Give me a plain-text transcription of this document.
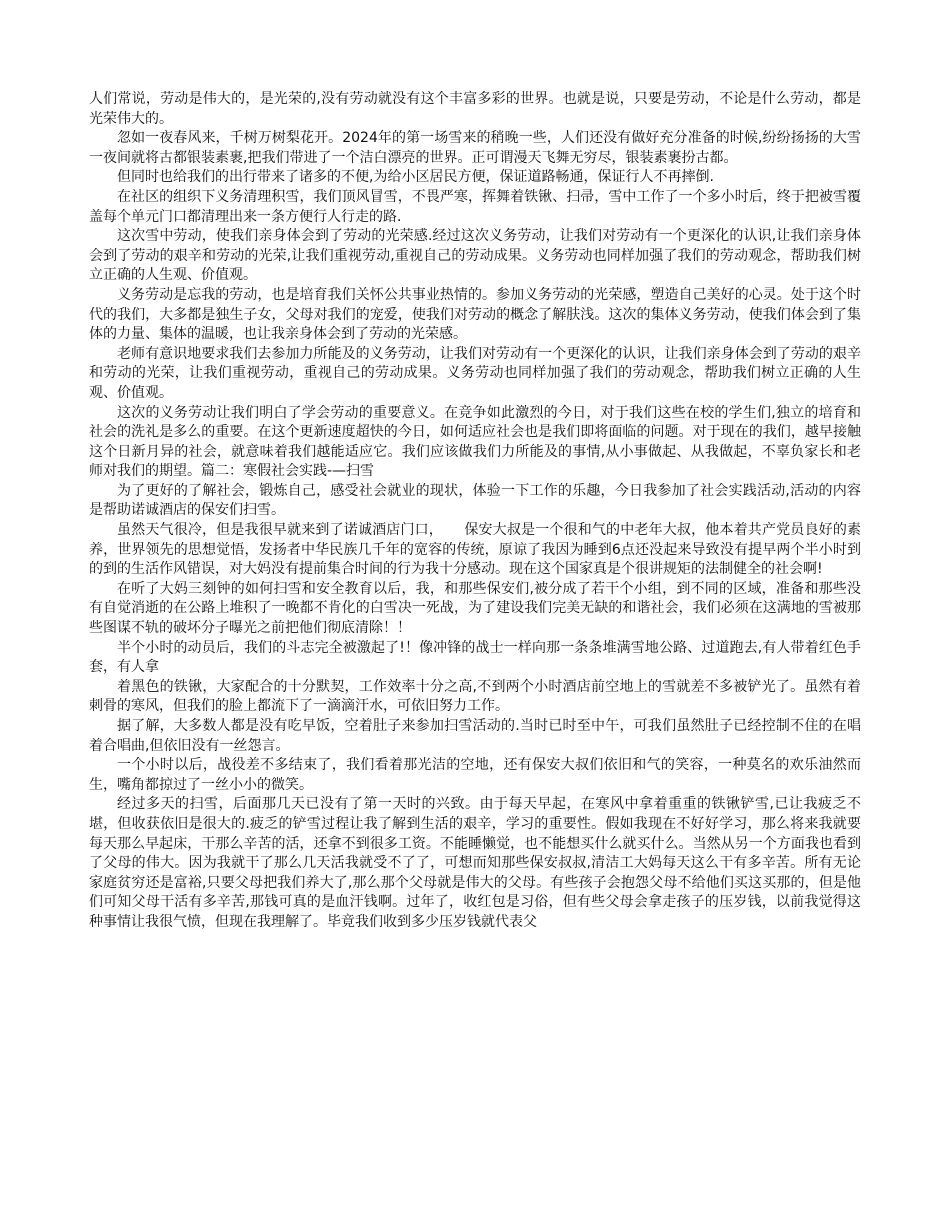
人们常说，劳动是伟大的，是光荣的,没有劳动就没有这个丰富多彩的世界。也就是说，只要是劳动，不论是什么劳动，都是光荣伟大的。

忽如一夜春风来，千树万树梨花开。2024年的第一场雪来的稍晚一些，人们还没有做好充分准备的时候,纷纷扬扬的大雪一夜间就将古都银装素裹,把我们带进了一个洁白漂亮的世界。正可谓漫天飞舞无穷尽，银装素裹扮古都。

但同时也给我们的出行带来了诸多的不便,为给小区居民方便，保证道路畅通，保证行人不再摔倒.

在社区的组织下义务清理积雪，我们顶风冒雪，不畏严寒，挥舞着铁锹、扫帚，雪中工作了一个多小时后，终于把被雪覆盖每个单元门口都清理出来一条方便行人行走的路.

这次雪中劳动，使我们亲身体会到了劳动的光荣感.经过这次义务劳动，让我们对劳动有一个更深化的认识,让我们亲身体会到了劳动的艰辛和劳动的光荣,让我们重视劳动,重视自己的劳动成果。义务劳动也同样加强了我们的劳动观念，帮助我们树立正确的人生观、价值观。

义务劳动是忘我的劳动，也是培育我们关怀公共事业热情的。参加义务劳动的光荣感，塑造自己美好的心灵。处于这个时代的我们，大多都是独生子女，父母对我们的宠爱，使我们对劳动的概念了解肤浅。这次的集体义务劳动，使我们体会到了集体的力量、集体的温暖，也让我亲身体会到了劳动的光荣感。

老师有意识地要求我们去参加力所能及的义务劳动，让我们对劳动有一个更深化的认识，让我们亲身体会到了劳动的艰辛和劳动的光荣，让我们重视劳动，重视自己的劳动成果。义务劳动也同样加强了我们的劳动观念，帮助我们树立正确的人生观、价值观。

这次的义务劳动让我们明白了学会劳动的重要意义。在竞争如此激烈的今日，对于我们这些在校的学生们,独立的培育和社会的洗礼是多么的重要。在这个更新速度超快的今日，如何适应社会也是我们即将面临的问题。对于现在的我们，越早接触这个日新月异的社会，就意味着我们越能适应它。我们应该做我们力所能及的事情,从小事做起、从我做起，不辜负家长和老师对我们的期望。篇二：寒假社会实践-—扫雪

为了更好的了解社会，锻炼自己，感受社会就业的现状，体验一下工作的乐趣，今日我参加了社会实践活动,活动的内容是帮助诺诚酒店的保安们扫雪。

虽然天气很冷，但是我很早就来到了诺诚酒店门口，　　保安大叔是一个很和气的中老年大叔，他本着共产党员良好的素养，世界领先的思想觉悟，发扬者中华民族几千年的宽容的传统，原谅了我因为睡到6点还没起来导致没有提早两个半小时到的到的生活作风错误，对大妈没有提前集合时间的行为我十分感动。现在这个国家真是个很讲规矩的法制健全的社会啊!

在听了大妈三刻钟的如何扫雪和安全教育以后，我，和那些保安们,被分成了若干个小组，到不同的区域，准备和那些没有自觉消逝的在公路上堆积了一晚都不肯化的白雪决一死战，为了建设我们完美无缺的和谐社会，我们必须在这满地的雪被那些图谋不轨的破坏分子曝光之前把他们彻底清除！！

半个小时的动员后，我们的斗志完全被激起了!！像冲锋的战士一样向那一条条堆满雪地公路、过道跑去,有人带着红色手套，有人拿

着黑色的铁锹，大家配合的十分默契，工作效率十分之高,不到两个小时酒店前空地上的雪就差不多被铲光了。虽然有着刺骨的寒风，但我们的脸上都流下了一滴滴汗水，可依旧努力工作。

据了解，大多数人都是没有吃早饭，空着肚子来参加扫雪活动的.当时已时至中午，可我们虽然肚子已经控制不住的在唱着合唱曲,但依旧没有一丝怨言。

一个小时以后，战役差不多结束了，我们看着那光洁的空地，还有保安大叔们依旧和气的笑容，一种莫名的欢乐油然而生，嘴角都掠过了一丝小小的微笑。

经过多天的扫雪，后面那几天已没有了第一天时的兴致。由于每天早起，在寒风中拿着重重的铁锹铲雪,已让我疲乏不堪，但收获依旧是很大的.疲乏的铲雪过程让我了解到生活的艰辛，学习的重要性。假如我现在不好好学习，那么将来我就要每天那么早起床，干那么辛苦的活，还拿不到很多工资。不能睡懒觉，也不能想买什么就买什么。当然从另一个方面我也看到了父母的伟大。因为我就干了那么几天活我就受不了了，可想而知那些保安叔叔,清洁工大妈每天这么干有多辛苦。所有无论家庭贫穷还是富裕,只要父母把我们养大了,那么那个父母就是伟大的父母。有些孩子会抱怨父母不给他们买这买那的，但是他们可知父母干活有多辛苦,那钱可真的是血汗钱啊。过年了，收红包是习俗，但有些父母会拿走孩子的压岁钱，以前我觉得这种事情让我很气愤，但现在我理解了。毕竟我们收到多少压岁钱就代表父
